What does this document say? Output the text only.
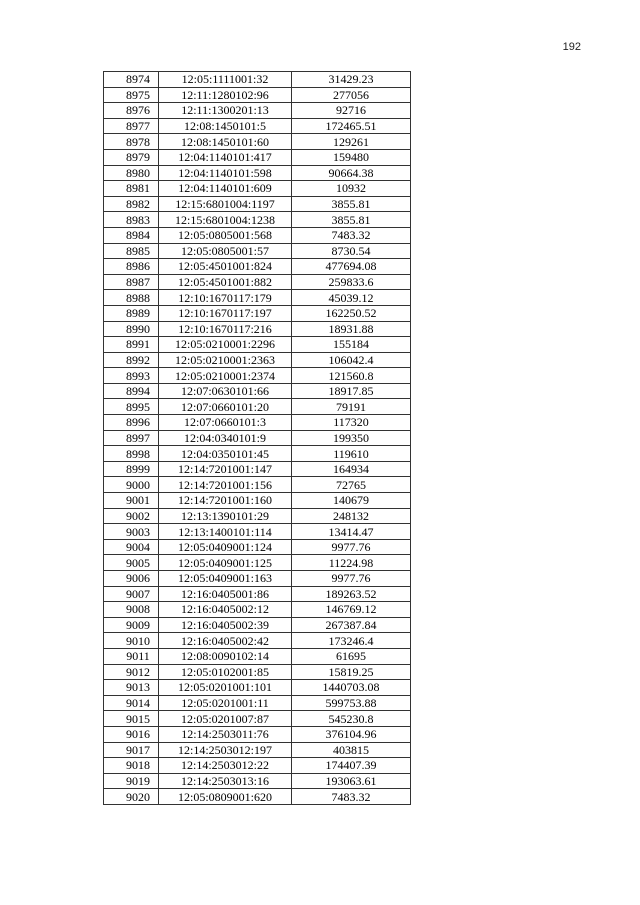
192
8974	12:05:1111001:32	31429.23
8975	12:11:1280102:96	277056
8976	12:11:1300201:13	92716
8977	12:08:1450101:5	172465.51
8978	12:08:1450101:60	129261
8979	12:04:1140101:417	159480
8980	12:04:1140101:598	90664.38
8981	12:04:1140101:609	10932
8982	12:15:6801004:1197	3855.81
8983	12:15:6801004:1238	3855.81
8984	12:05:0805001:568	7483.32
8985	12:05:0805001:57	8730.54
8986	12:05:4501001:824	477694.08
8987	12:05:4501001:882	259833.6
8988	12:10:1670117:179	45039.12
8989	12:10:1670117:197	162250.52
8990	12:10:1670117:216	18931.88
8991	12:05:0210001:2296	155184
8992	12:05:0210001:2363	106042.4
8993	12:05:0210001:2374	121560.8
8994	12:07:0630101:66	18917.85
8995	12:07:0660101:20	79191
8996	12:07:0660101:3	117320
8997	12:04:0340101:9	199350
8998	12:04:0350101:45	119610
8999	12:14:7201001:147	164934
9000	12:14:7201001:156	72765
9001	12:14:7201001:160	140679
9002	12:13:1390101:29	248132
9003	12:13:1400101:114	13414.47
9004	12:05:0409001:124	9977.76
9005	12:05:0409001:125	11224.98
9006	12:05:0409001:163	9977.76
9007	12:16:0405001:86	189263.52
9008	12:16:0405002:12	146769.12
9009	12:16:0405002:39	267387.84
9010	12:16:0405002:42	173246.4
9011	12:08:0090102:14	61695
9012	12:05:0102001:85	15819.25
9013	12:05:0201001:101	1440703.08
9014	12:05:0201001:11	599753.88
9015	12:05:0201007:87	545230.8
9016	12:14:2503011:76	376104.96
9017	12:14:2503012:197	403815
9018	12:14:2503012:22	174407.39
9019	12:14:2503013:16	193063.61
9020	12:05:0809001:620	7483.32
